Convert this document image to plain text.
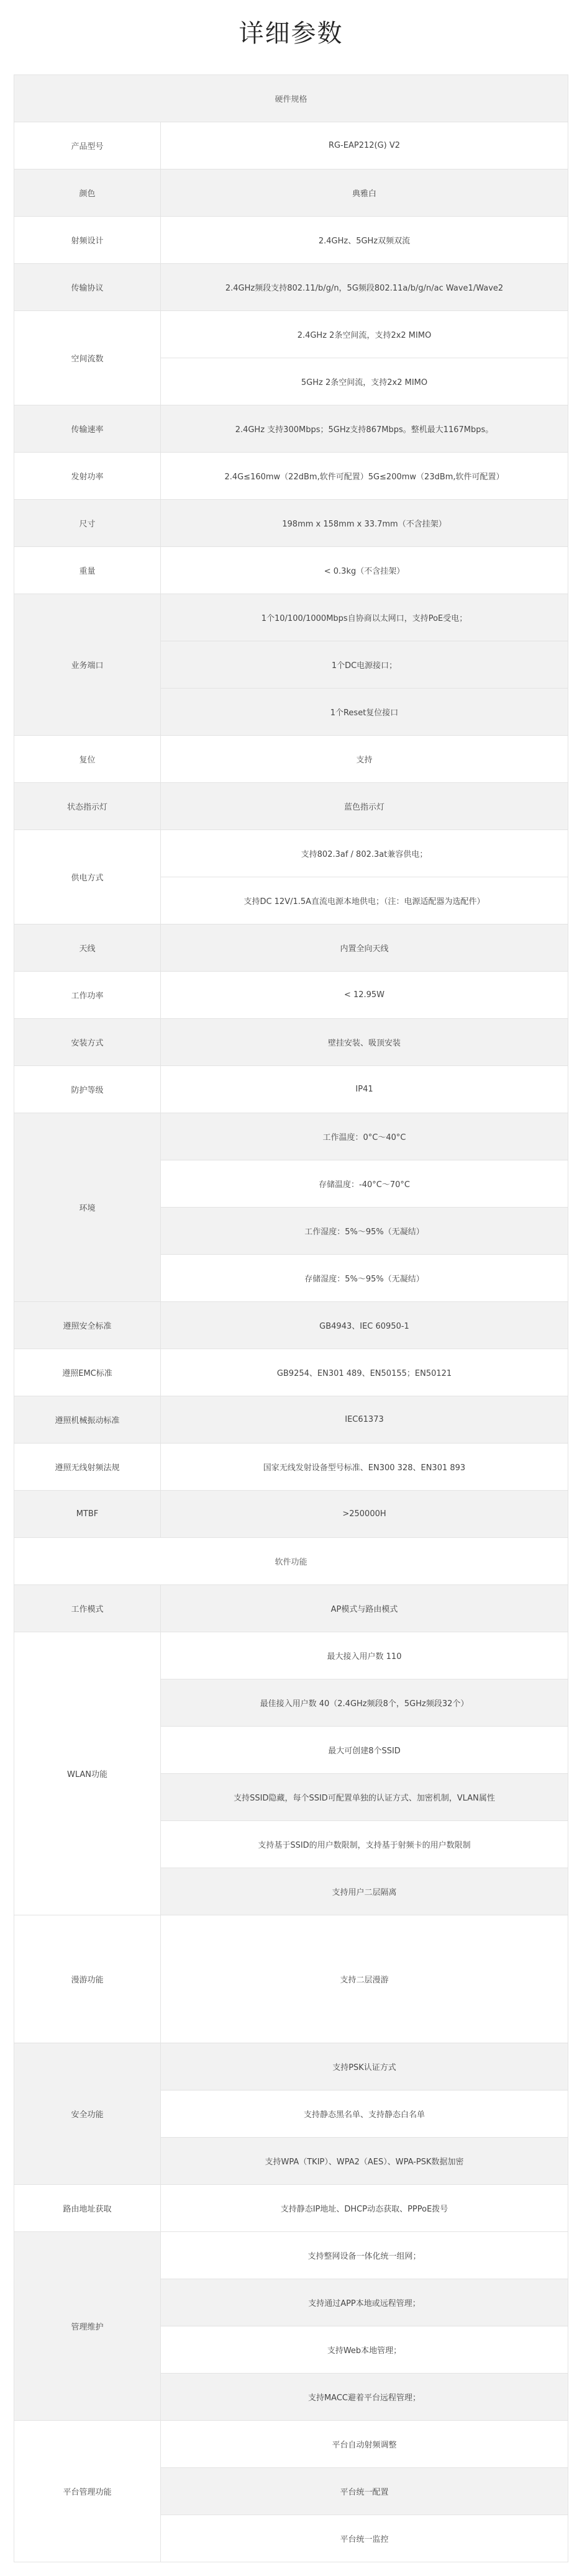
详细参数
硬件规格	
产品型号	RG-EAP212(G) V2
颜色	典雅白
射频设计	2.4GHz、5GHz双频双流
传输协议	2.4GHz频段支持802.11/b/g/n，5G频段802.11a/b/g/n/ac Wave1/Wave2
空间流数	2.4GHz 2条空间流，支持2x2 MIMO
	5GHz 2条空间流，支持2x2 MIMO
传输速率	2.4GHz 支持300Mbps；5GHz支持867Mbps。整机最大1167Mbps。
发射功率	2.4G≤160mw（22dBm,软件可配置）5G≤200mw（23dBm,软件可配置）
尺寸	198mm x 158mm x 33.7mm（不含挂架）
重量	< 0.3kg（不含挂架）
业务端口	1个10/100/1000Mbps自协商以太网口，支持PoE受电；
	1个DC电源接口；
	1个Reset复位接口
复位	支持
状态指示灯	蓝色指示灯
供电方式	支持802.3af / 802.3at兼容供电；
	支持DC 12V/1.5A直流电源本地供电；（注：电源适配器为选配件）
天线	内置全向天线
工作功率	< 12.95W
安装方式	壁挂安装、吸顶安装
防护等级	IP41
环境	工作温度：0°C～40°C
	存储温度：-40°C～70°C
	工作湿度：5%～95%（无凝结）
	存储湿度：5%～95%（无凝结）
遵照安全标准	GB4943、IEC 60950-1
遵照EMC标准	GB9254、EN301 489、EN50155；EN50121
遵照机械振动标准	IEC61373
遵照无线射频法规	国家无线发射设备型号标准、EN300 328、EN301 893
MTBF	>250000H
软件功能	
工作模式	AP模式与路由模式
WLAN功能	最大接入用户数 110
	最佳接入用户数 40（2.4GHz频段8个，5GHz频段32个）
	最大可创建8个SSID
	支持SSID隐藏，每个SSID可配置单独的认证方式、加密机制，VLAN属性
	支持基于SSID的用户数限制，支持基于射频卡的用户数限制
	支持用户二层隔离
漫游功能	支持二层漫游
安全功能	支持PSK认证方式
	支持静态黑名单、支持静态白名单
	支持WPA（TKIP）、WPA2（AES）、WPA-PSK数据加密
路由地址获取	支持静态IP地址、DHCP动态获取、PPPoE拨号
管理维护	支持整网设备一体化统一组网；
	支持通过APP本地或远程管理；
	支持Web本地管理；
	支持MACC避着平台远程管理；
平台管理功能	平台自动射频调整
	平台统一配置
	平台统一监控
